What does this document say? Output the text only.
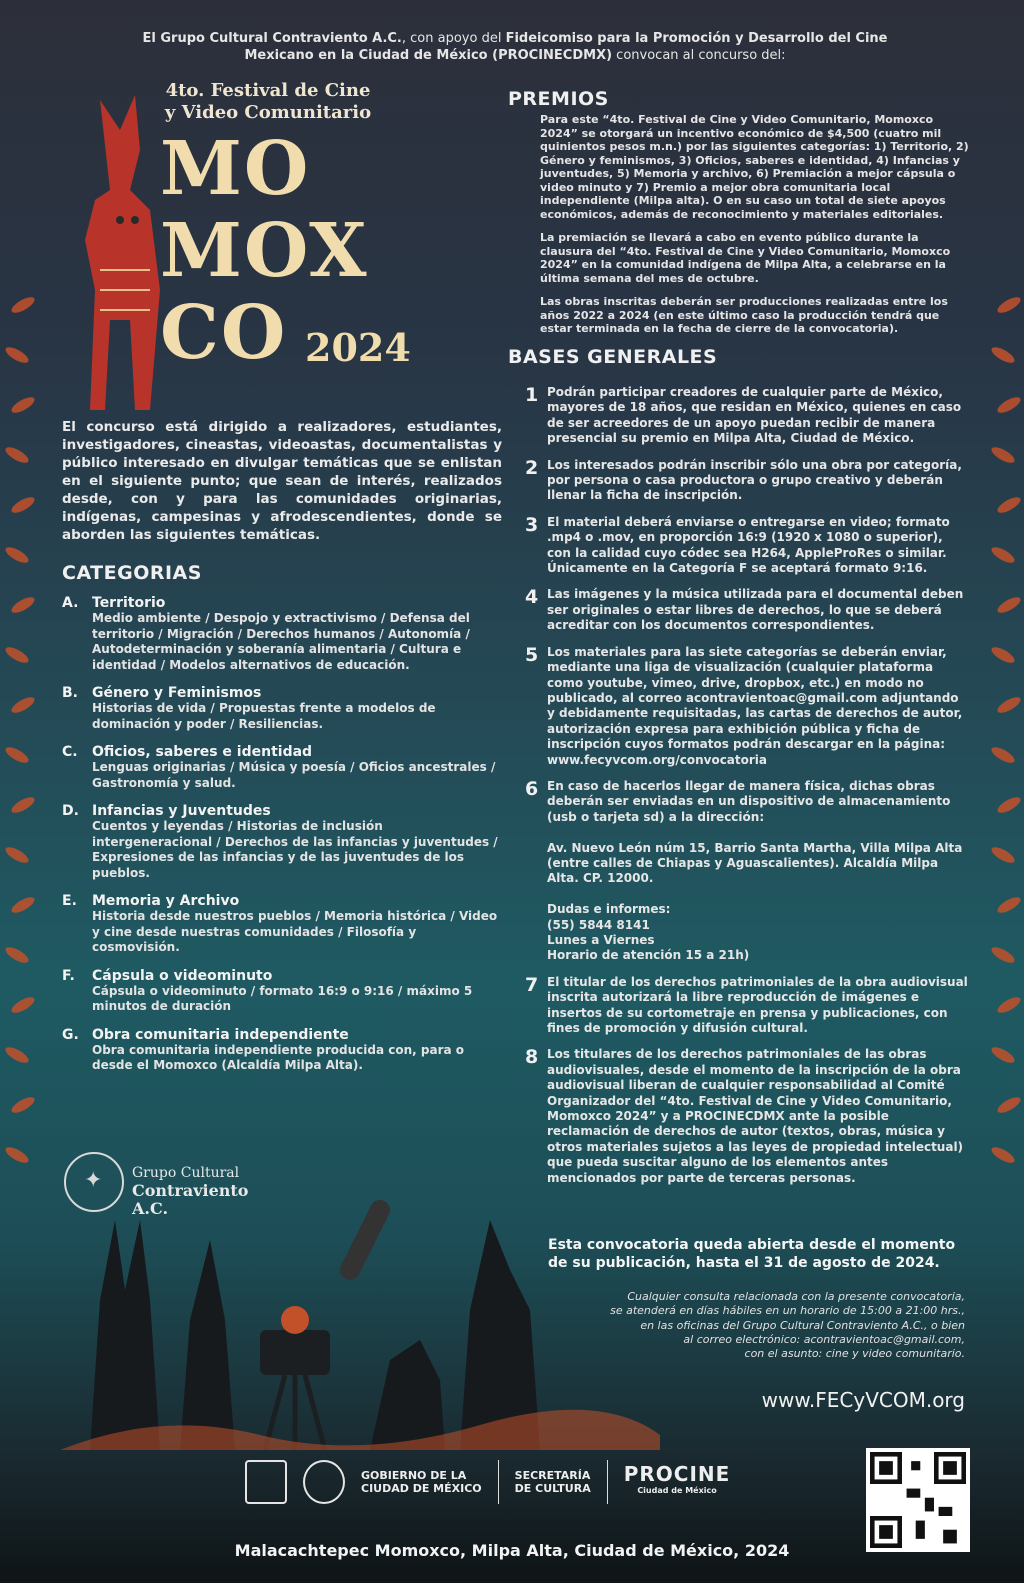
El Grupo Cultural Contraviento A.C., con apoyo del Fideicomiso para la Promoción y Desarrollo del Cine Mexicano en la Ciudad de México (PROCINECDMX) convocan al concurso del:
4to. Festival de Cine
y Video Comunitario
MO
MOX
CO 2024
El concurso está dirigido a realizadores, estudiantes, investigadores, cineastas, videoastas, documentalistas y público interesado en divulgar temáticas que se enlistan en el siguiente punto; que sean de interés, realizados desde, con y para las comunidades originarias, indígenas, campesinas y afrodescendientes, donde se aborden las siguientes temáticas.
CATEGORIAS
A. Territorio
Medio ambiente / Despojo y extractivismo / Defensa del territorio / Migración / Derechos humanos / Autonomía / Autodeterminación y soberanía alimentaria / Cultura e identidad / Modelos alternativos de educación.
B. Género y Feminismos
Historias de vida / Propuestas frente a modelos de dominación y poder / Resiliencias.
C. Oficios, saberes e identidad
Lenguas originarias / Música y poesía / Oficios ancestrales / Gastronomía y salud.
D. Infancias y Juventudes
Cuentos y leyendas / Historias de inclusión intergeneracional / Derechos de las infancias y juventudes / Expresiones de las infancias y de las juventudes de los pueblos.
E. Memoria y Archivo
Historia desde nuestros pueblos / Memoria histórica / Video y cine desde nuestras comunidades / Filosofía y cosmovisión.
F. Cápsula o videominuto
Cápsula o videominuto / formato 16:9 o 9:16 / máximo 5 minutos de duración
G. Obra comunitaria independiente
Obra comunitaria independiente producida con, para o desde el Momoxco (Alcaldía Milpa Alta).
PREMIOS

Para este “4to. Festival de Cine y Video Comunitario, Momoxco 2024” se otorgará un incentivo económico de $4,500 (cuatro mil quinientos pesos m.n.) por las siguientes categorías: 1) Territorio, 2) Género y feminismos, 3) Oficios, saberes e identidad, 4) Infancias y juventudes, 5) Memoria y archivo, 6) Premiación a mejor cápsula o video minuto y 7) Premio a mejor obra comunitaria local independiente (Milpa alta). O en su caso un total de siete apoyos económicos, además de reconocimiento y materiales editoriales.

La premiación se llevará a cabo en evento público durante la clausura del “4to. Festival de Cine y Video Comunitario, Momoxco 2024” en la comunidad indígena de Milpa Alta, a celebrarse en la última semana del mes de octubre.

Las obras inscritas deberán ser producciones realizadas entre los años 2022 a 2024 (en este último caso la producción tendrá que estar terminada en la fecha de cierre de la convocatoria).

BASES GENERALES
1 Podrán participar creadores de cualquier parte de México, mayores de 18 años, que residan en México, quienes en caso de ser acreedores de un apoyo puedan recibir de manera presencial su premio en Milpa Alta, Ciudad de México.
2 Los interesados podrán inscribir sólo una obra por categoría, por persona o casa productora o grupo creativo y deberán llenar la ficha de inscripción.
3 El material deberá enviarse o entregarse en video; formato .mp4 o .mov, en proporción 16:9 (1920 x 1080 o superior), con la calidad cuyo códec sea H264, AppleProRes o similar. Únicamente en la Categoría F se aceptará formato 9:16.
4 Las imágenes y la música utilizada para el documental deben ser originales o estar libres de derechos, lo que se deberá acreditar con los documentos correspondientes.
5 Los materiales para las siete categorías se deberán enviar, mediante una liga de visualización (cualquier plataforma como youtube, vimeo, drive, dropbox, etc.) en modo no publicado, al correo acontravientoac@gmail.com adjuntando y debidamente requisitadas, las cartas de derechos de autor, autorización expresa para exhibición pública y ficha de inscripción cuyos formatos podrán descargar en la página: www.fecyvcom.org/convocatoria
6 En caso de hacerlos llegar de manera física, dichas obras deberán ser enviadas en un dispositivo de almacenamiento (usb o tarjeta sd) a la dirección:

Av. Nuevo León núm 15, Barrio Santa Martha, Villa Milpa Alta (entre calles de Chiapas y Aguascalientes). Alcaldía Milpa Alta. CP. 12000.

Dudas e informes:
(55) 5844 8141
Lunes a Viernes
Horario de atención 15 a 21h)
7 El titular de los derechos patrimoniales de la obra audiovisual inscrita autorizará la libre reproducción de imágenes e insertos de su cortometraje en prensa y publicaciones, con fines de promoción y difusión cultural.
8 Los titulares de los derechos patrimoniales de las obras audiovisuales, desde el momento de la inscripción de la obra audiovisual liberan de cualquier responsabilidad al Comité Organizador del “4to. Festival de Cine y Video Comunitario, Momoxco 2024” y a PROCINECDMX ante la posible reclamación de derechos de autor (textos, obras, música y otros materiales sujetos a las leyes de propiedad intelectual) que pueda suscitar alguno de los elementos antes mencionados por parte de terceras personas.
Esta convocatoria queda abierta desde el momento de su publicación, hasta el 31 de agosto de 2024.
Cualquier consulta relacionada con la presente convocatoria,
se atenderá en días hábiles en un horario de 15:00 a 21:00 hrs.,
en las oficinas del Grupo Cultural Contraviento A.C., o bien
al correo electrónico: acontravientoac@gmail.com,
con el asunto: cine y video comunitario.
www.FECyVCOM.org
✦ Grupo Cultural
Contraviento A.C.
GOBIERNO DE LA
CIUDAD DE MÉXICO
SECRETARÍA
DE CULTURA
PROCINE
Ciudad de México
Malacachtepec Momoxco, Milpa Alta, Ciudad de México, 2024
